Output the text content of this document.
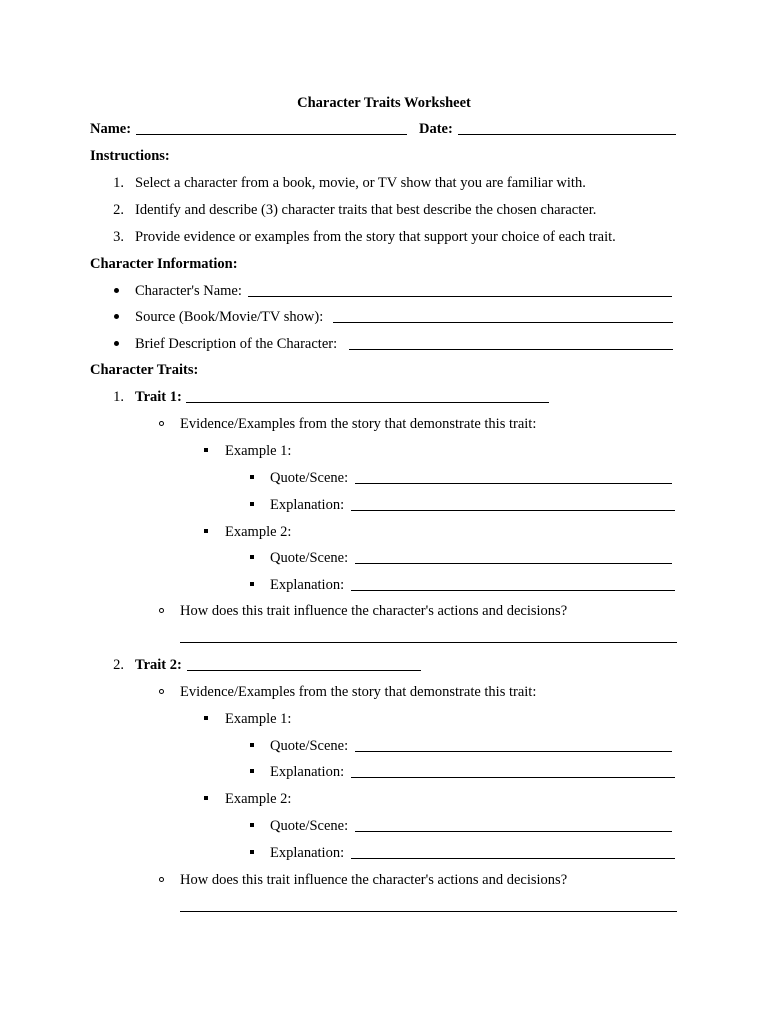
Character Traits Worksheet
Name:	Date:
Instructions:
1. Select a character from a book, movie, or TV show that you are familiar with.
2. Identify and describe (3) character traits that best describe the chosen character.
3. Provide evidence or examples from the story that support your choice of each trait.
Character Information:
Character's Name:
Source (Book/Movie/TV show):
Brief Description of the Character:
Character Traits:
1. Trait 1:
Evidence/Examples from the story that demonstrate this trait:
Example 1:
Quote/Scene:
Explanation:
Example 2:
Quote/Scene:
Explanation:
How does this trait influence the character's actions and decisions?
2. Trait 2:
Evidence/Examples from the story that demonstrate this trait:
Example 1:
Quote/Scene:
Explanation:
Example 2:
Quote/Scene:
Explanation:
How does this trait influence the character's actions and decisions?
